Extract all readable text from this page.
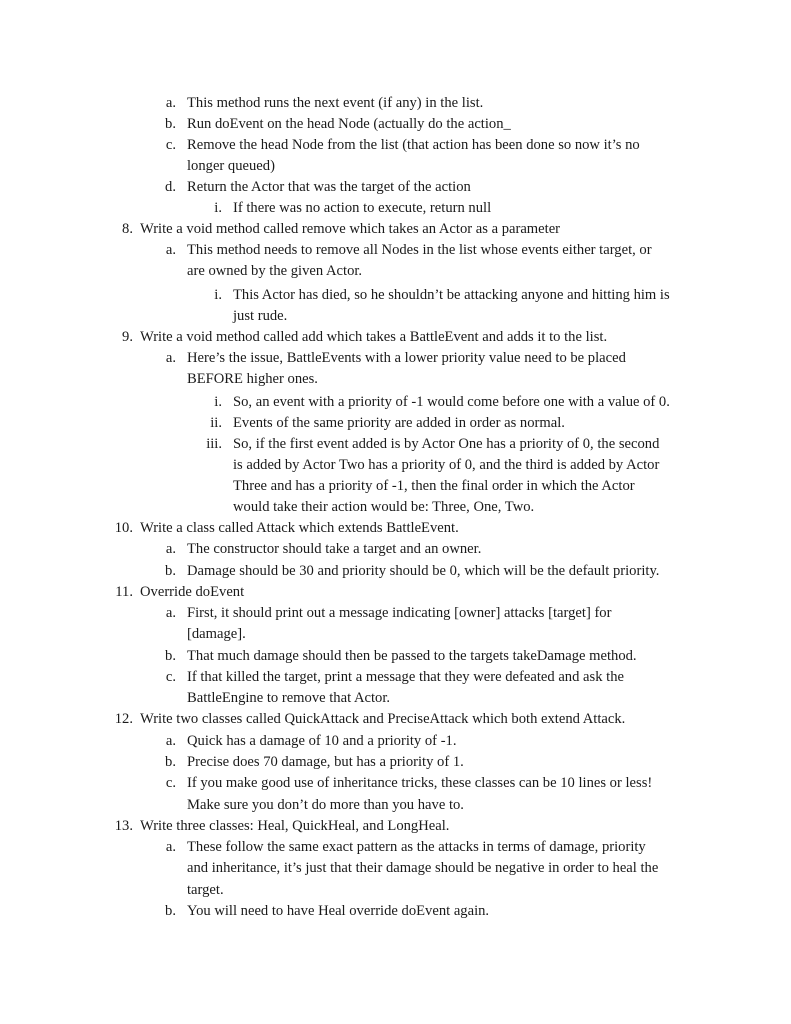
a. This method runs the next event (if any) in the list.
b. Run doEvent on the head Node (actually do the action_
c. Remove the head Node from the list (that action has been done so now it’s no
longer queued)
d. Return the Actor that was the target of the action
i. If there was no action to execute, return null
8. Write a void method called remove which takes an Actor as a parameter
a. This method needs to remove all Nodes in the list whose events either target, or
are owned by the given Actor.
i. This Actor has died, so he shouldn’t be attacking anyone and hitting him is
just rude.
9. Write a void method called add which takes a BattleEvent and adds it to the list.
a. Here’s the issue, BattleEvents with a lower priority value need to be placed
BEFORE higher ones.
i. So, an event with a priority of -1 would come before one with a value of 0.
ii. Events of the same priority are added in order as normal.
iii. So, if the first event added is by Actor One has a priority of 0, the second
is added by Actor Two has a priority of 0, and the third is added by Actor
Three and has a priority of -1, then the final order in which the Actor
would take their action would be: Three, One, Two.
10. Write a class called Attack which extends BattleEvent.
a. The constructor should take a target and an owner.
b. Damage should be 30 and priority should be 0, which will be the default priority.
11. Override doEvent
a. First, it should print out a message indicating [owner] attacks [target] for
[damage].
b. That much damage should then be passed to the targets takeDamage method.
c. If that killed the target, print a message that they were defeated and ask the
BattleEngine to remove that Actor.
12. Write two classes called QuickAttack and PreciseAttack which both extend Attack.
a. Quick has a damage of 10 and a priority of -1.
b. Precise does 70 damage, but has a priority of 1.
c. If you make good use of inheritance tricks, these classes can be 10 lines or less!
Make sure you don’t do more than you have to.
13. Write three classes: Heal, QuickHeal, and LongHeal.
a. These follow the same exact pattern as the attacks in terms of damage, priority
and inheritance, it’s just that their damage should be negative in order to heal the
target.
b. You will need to have Heal override doEvent again.
